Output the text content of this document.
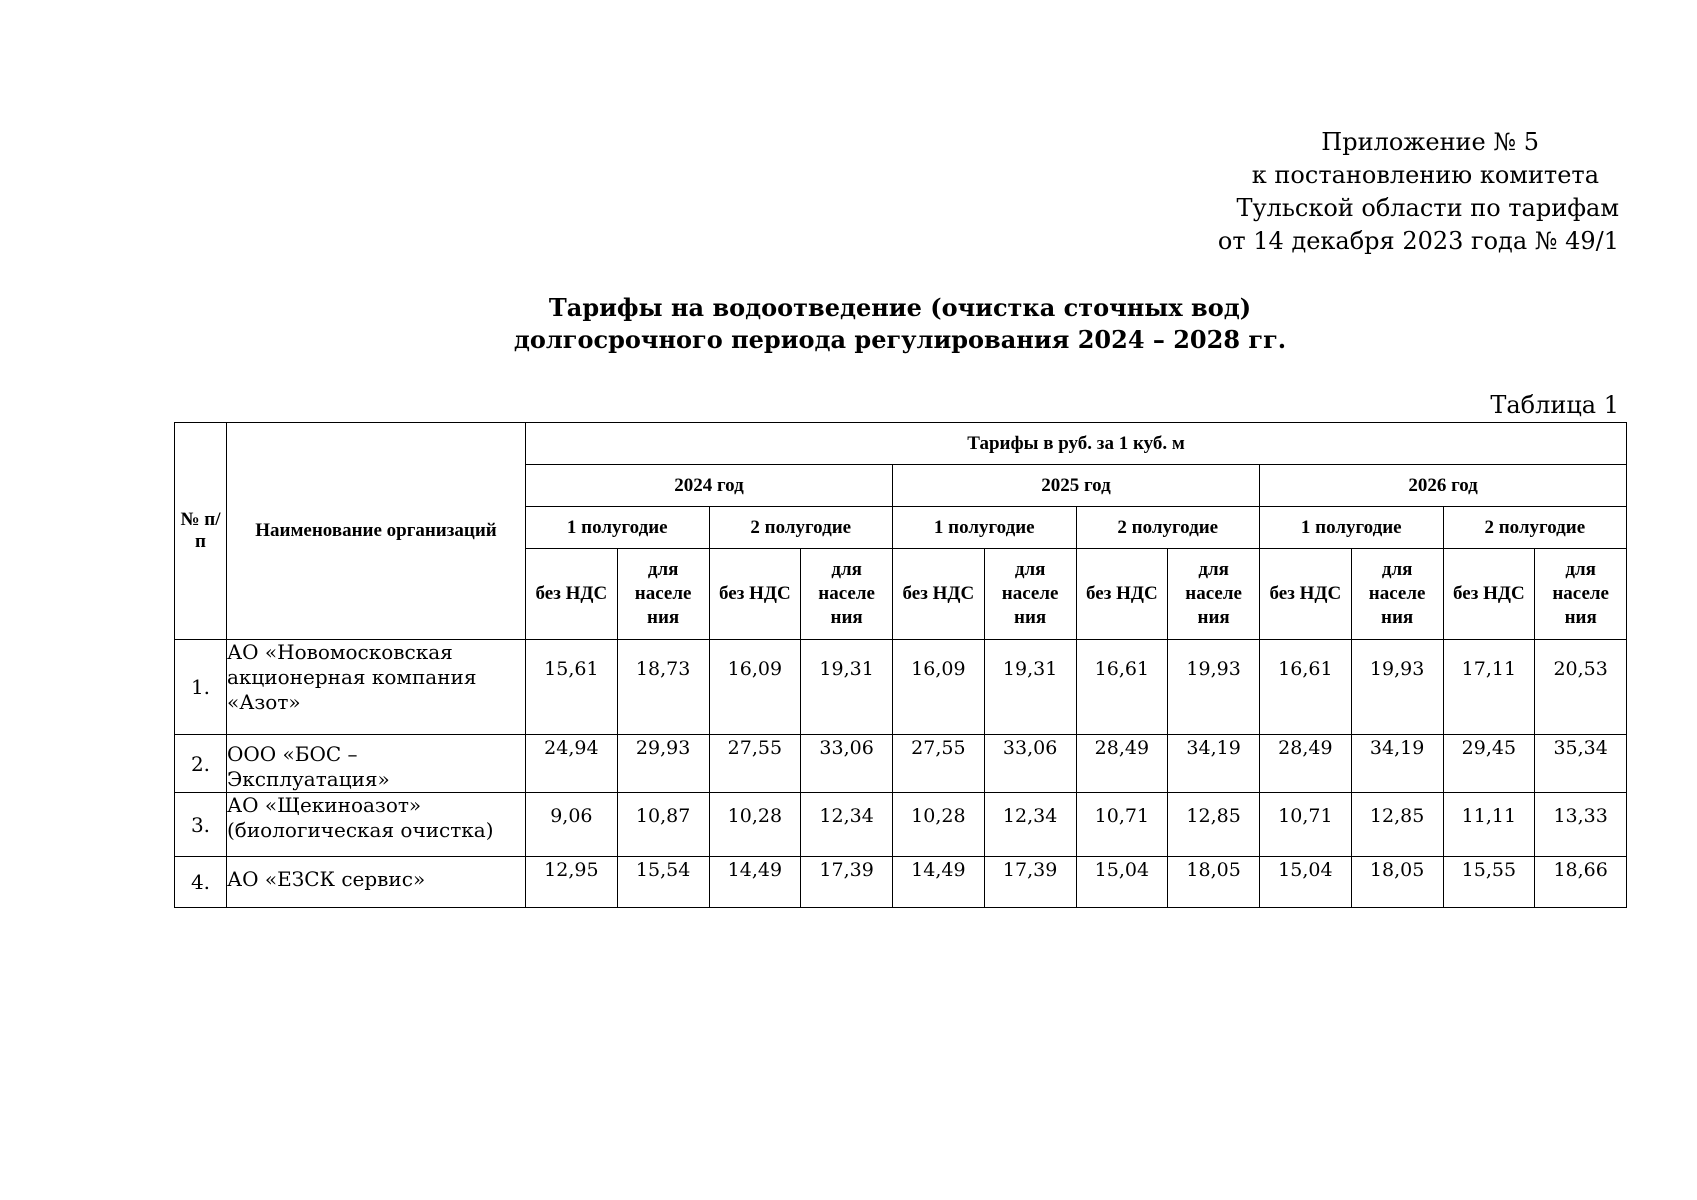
Приложение № 5
к постановлению комитета
Тульской области по тарифам
от 14 декабря 2023 года № 49/1
Тарифы на водоотведение (очистка сточных вод)
долгосрочного периода регулирования 2024 – 2028 гг.
Таблица 1
№ п/п	Наименование организаций	Тарифы в руб. за 1 куб. м											
		2024 год				2025 год				2026 год			
		1 полугодие		2 полугодие		1 полугодие		2 полугодие		1 полугодие		2 полугодие	
		без НДС	для населе ния	без НДС	для населе ния	без НДС	для населе ния	без НДС	для населе ния	без НДС	для населе ния	без НДС	для населе ния
1.	АО «Новомосковская акционерная компания «Азот»	15,61	18,73	16,09	19,31	16,09	19,31	16,61	19,93	16,61	19,93	17,11	20,53
2.	ООО «БОС – Эксплуатация»	24,94	29,93	27,55	33,06	27,55	33,06	28,49	34,19	28,49	34,19	29,45	35,34
3.	АО «Щекиноазот» (биологическая очистка)	9,06	10,87	10,28	12,34	10,28	12,34	10,71	12,85	10,71	12,85	11,11	13,33
4.	АО «ЕЗСК сервис»	12,95	15,54	14,49	17,39	14,49	17,39	15,04	18,05	15,04	18,05	15,55	18,66
